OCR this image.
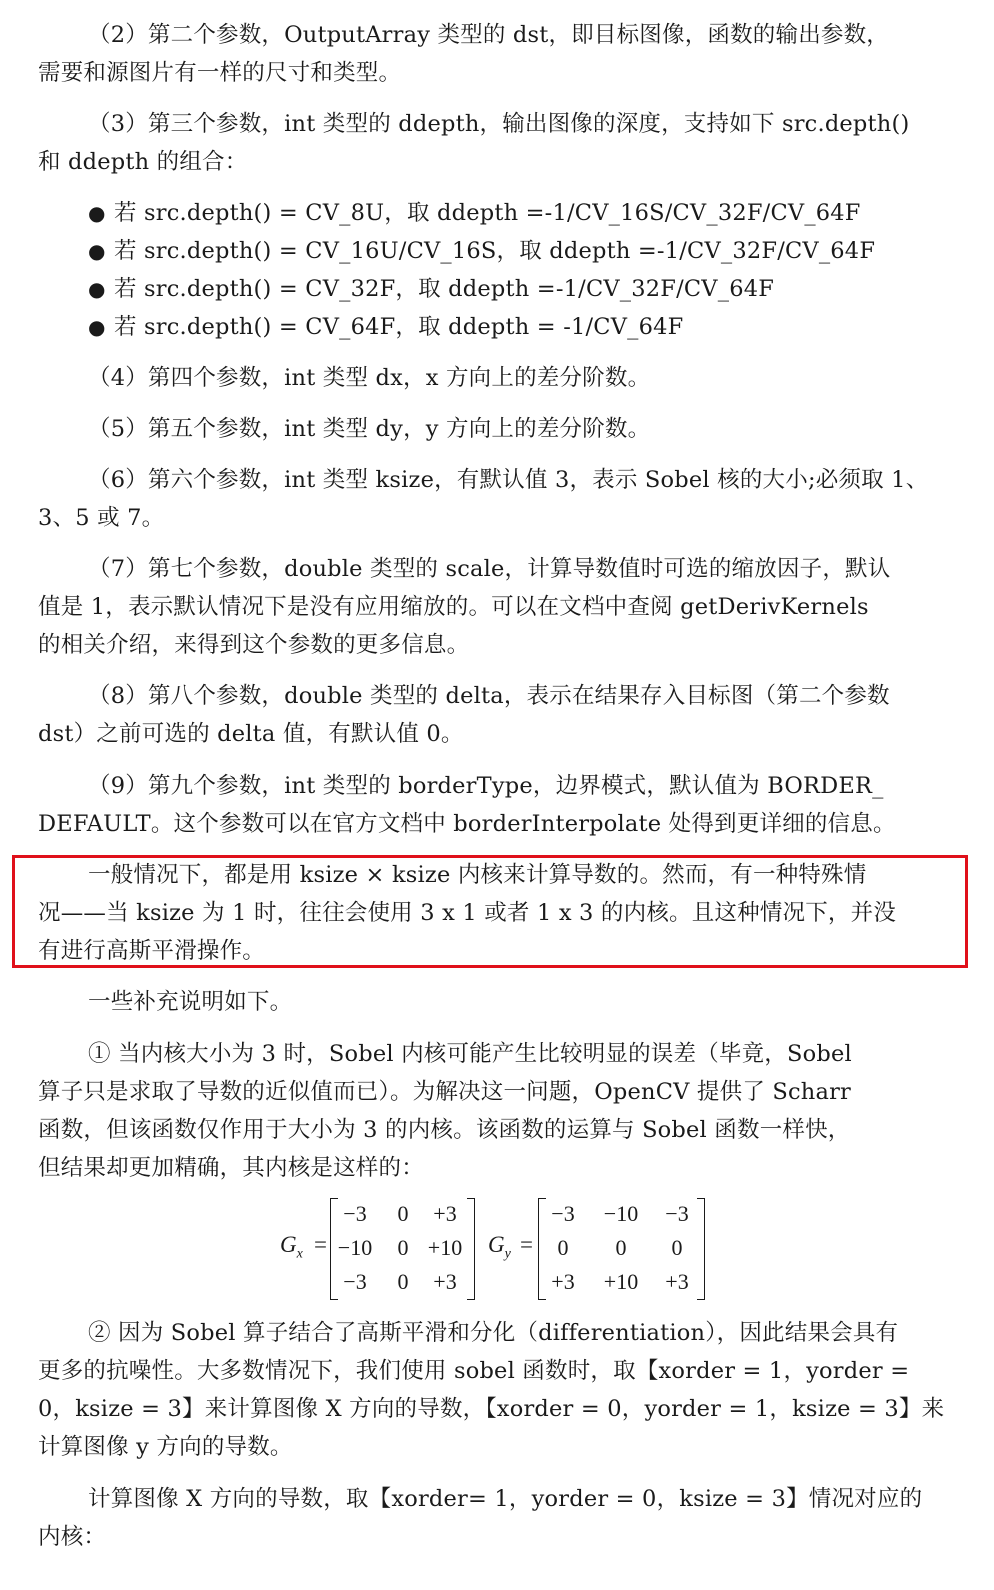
（2）第二个参数，OutputArray 类型的 dst，即目标图像，函数的输出参数，
需要和源图片有一样的尺寸和类型。
（3）第三个参数，int 类型的 ddepth，输出图像的深度，支持如下 src.depth()
和 ddepth 的组合：
● 若 src.depth() = CV_8U，取 ddepth =-1/CV_16S/CV_32F/CV_64F
● 若 src.depth() = CV_16U/CV_16S，取 ddepth =-1/CV_32F/CV_64F
● 若 src.depth() = CV_32F，取 ddepth =-1/CV_32F/CV_64F
● 若 src.depth() = CV_64F，取 ddepth = -1/CV_64F
（4）第四个参数，int 类型 dx，x 方向上的差分阶数。
（5）第五个参数，int 类型 dy，y 方向上的差分阶数。
（6）第六个参数，int 类型 ksize，有默认值 3，表示 Sobel 核的大小;必须取 1、
3、5 或 7。
（7）第七个参数，double 类型的 scale，计算导数值时可选的缩放因子，默认
值是 1，表示默认情况下是没有应用缩放的。可以在文档中查阅 getDerivKernels
的相关介绍，来得到这个参数的更多信息。
（8）第八个参数，double 类型的 delta，表示在结果存入目标图（第二个参数
dst）之前可选的 delta 值，有默认值 0。
（9）第九个参数，int 类型的 borderType，边界模式，默认值为 BORDER_
DEFAULT。这个参数可以在官方文档中 borderInterpolate 处得到更详细的信息。
一般情况下，都是用 ksize × ksize 内核来计算导数的。然而，有一种特殊情
况——当 ksize 为 1 时，往往会使用 3 x 1 或者 1 x 3 的内核。且这种情况下，并没
有进行高斯平滑操作。
一些补充说明如下。
① 当内核大小为 3 时，Sobel 内核可能产生比较明显的误差（毕竟，Sobel
算子只是求取了导数的近似值而已）。为解决这一问题，OpenCV 提供了 Scharr
函数，但该函数仅作用于大小为 3 的内核。该函数的运算与 Sobel 函数一样快，
但结果却更加精确，其内核是这样的：
$G_x$ =
−3	0	+3
−10	0 +10
−3	0	+3
$G_y$ =
−3	−10	−3
0	0	0
+3	+10	+3
② 因为 Sobel 算子结合了高斯平滑和分化（differentiation），因此结果会具有
更多的抗噪性。大多数情况下，我们使用 sobel 函数时，取【xorder = 1，yorder =
0，ksize = 3】来计算图像 X 方向的导数，【xorder = 0，yorder = 1，ksize = 3】来
计算图像 y 方向的导数。
计算图像 X 方向的导数，取【xorder= 1，yorder = 0，ksize = 3】情况对应的
内核：
